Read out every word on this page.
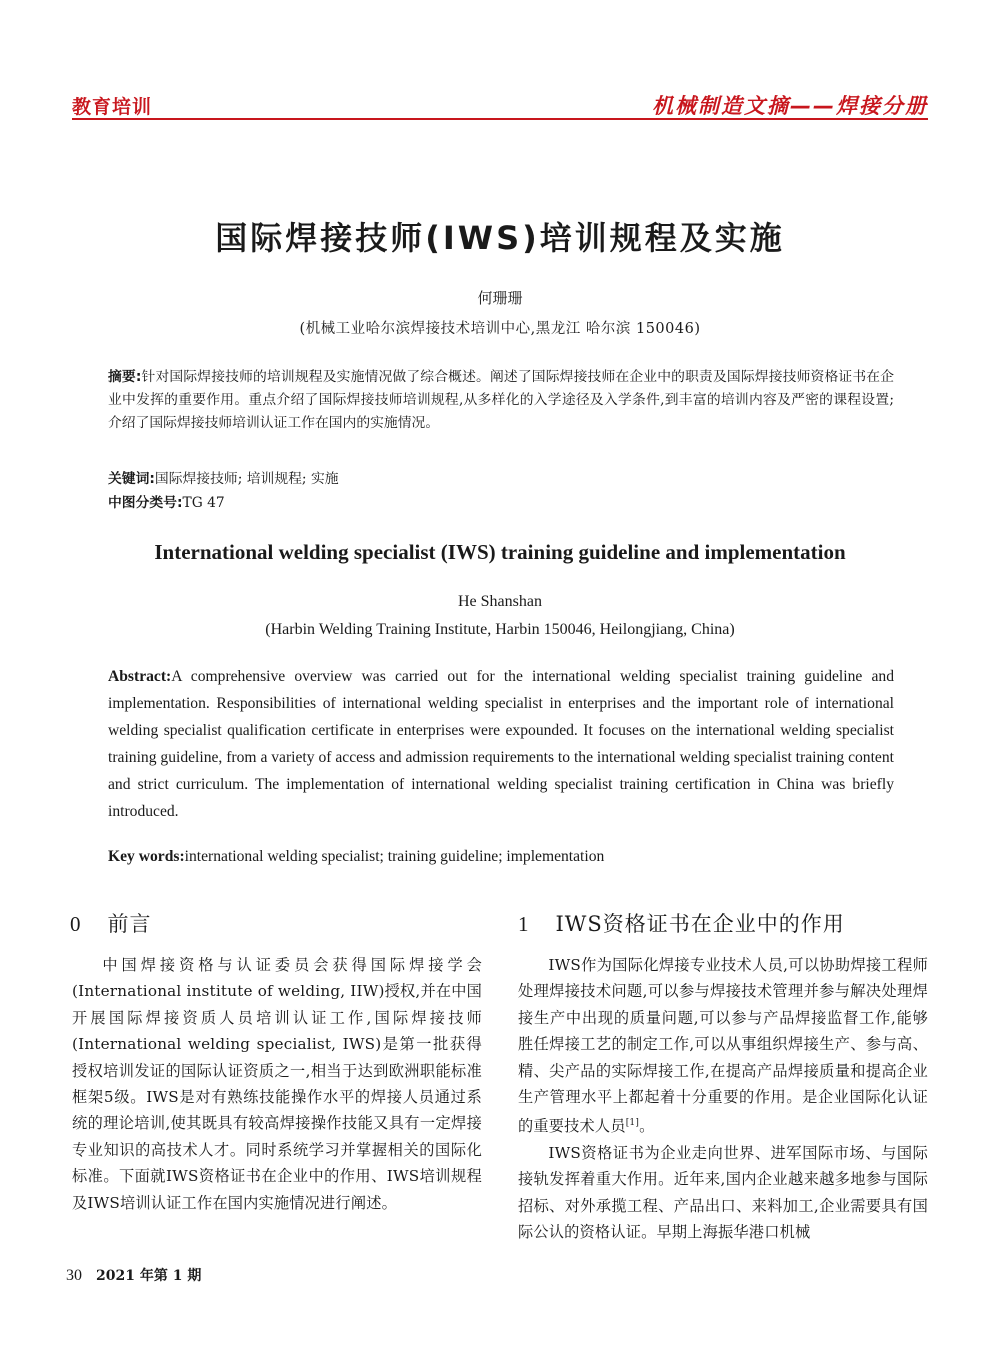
教育培训	机械制造文摘——焊接分册
国际焊接技师(IWS)培训规程及实施
何珊珊
(机械工业哈尔滨焊接技术培训中心,黑龙江 哈尔滨 150046)
摘要:针对国际焊接技师的培训规程及实施情况做了综合概述。阐述了国际焊接技师在企业中的职责及国际焊接技师资格证书在企业中发挥的重要作用。重点介绍了国际焊接技师培训规程,从多样化的入学途径及入学条件,到丰富的培训内容及严密的课程设置;介绍了国际焊接技师培训认证工作在国内的实施情况。
关键词:国际焊接技师; 培训规程; 实施
中图分类号:TG 47
International welding specialist (IWS) training guideline and implementation
He Shanshan
(Harbin Welding Training Institute, Harbin 150046, Heilongjiang, China)
Abstract:A comprehensive overview was carried out for the international welding specialist training guideline and implementation. Responsibilities of international welding specialist in enterprises and the important role of international welding specialist qualification certificate in enterprises were expounded. It focuses on the international welding specialist training guideline, from a variety of access and admission requirements to the international welding specialist training content and strict curriculum. The implementation of international welding specialist training certification in China was briefly introduced.
Key words:international welding specialist; training guideline; implementation
0 前言

中国焊接资格与认证委员会获得国际焊接学会(International institute of welding, IIW)授权,并在中国开展国际焊接资质人员培训认证工作,国际焊接技师(International welding specialist, IWS)是第一批获得授权培训发证的国际认证资质之一,相当于达到欧洲职能标准框架5级。IWS是对有熟练技能操作水平的焊接人员通过系统的理论培训,使其既具有较高焊接操作技能又具有一定焊接专业知识的高技术人才。同时系统学习并掌握相关的国际化标准。下面就IWS资格证书在企业中的作用、IWS培训规程及IWS培训认证工作在国内实施情况进行阐述。

1 IWS资格证书在企业中的作用

IWS作为国际化焊接专业技术人员,可以协助焊接工程师处理焊接技术问题,可以参与焊接技术管理并参与解决处理焊接生产中出现的质量问题,可以参与产品焊接监督工作,能够胜任焊接工艺的制定工作,可以从事组织焊接生产、参与高、精、尖产品的实际焊接工作,在提高产品焊接质量和提高企业生产管理水平上都起着十分重要的作用。是企业国际化认证的重要技术人员[1]。

IWS资格证书为企业走向世界、进军国际市场、与国际接轨发挥着重大作用。近年来,国内企业越来越多地参与国际招标、对外承揽工程、产品出口、来料加工,企业需要具有国际公认的资格认证。早期上海振华港口机械

30 2021 年第 1 期
